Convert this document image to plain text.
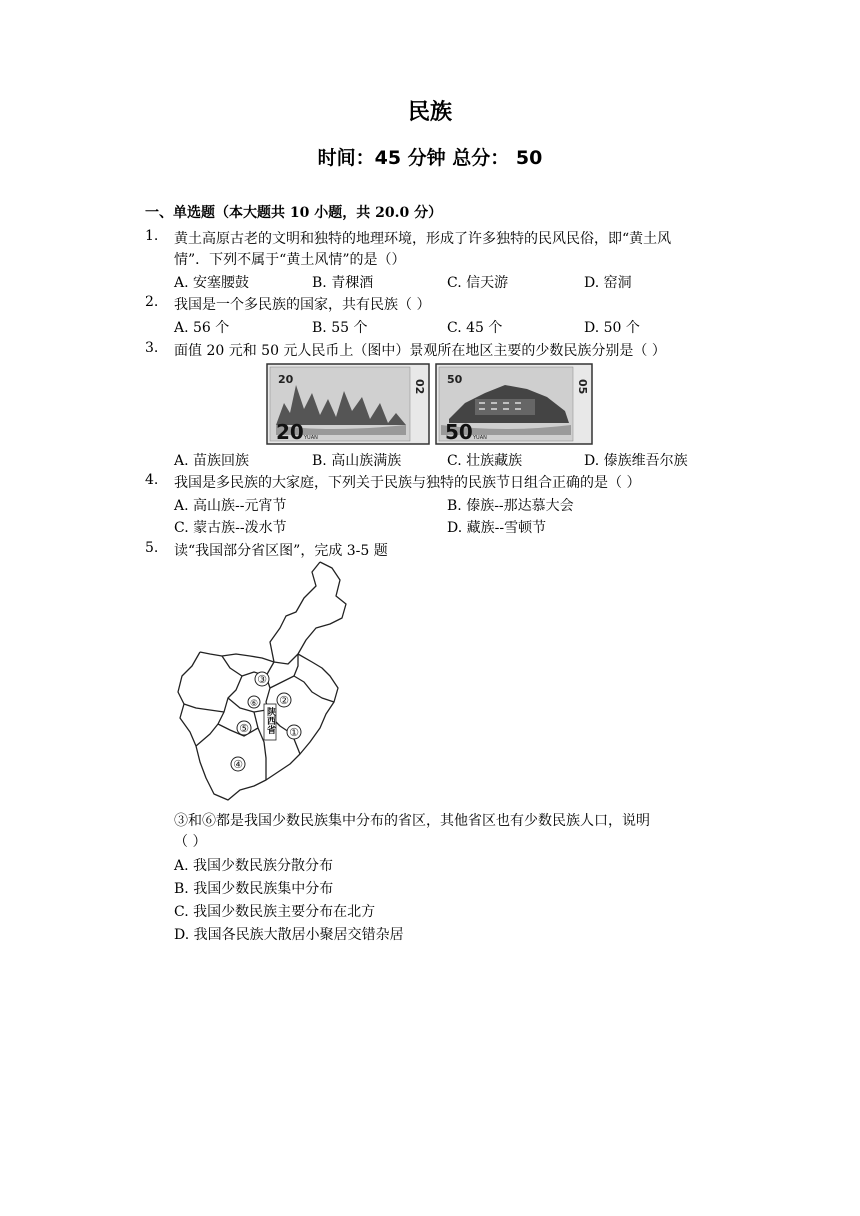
民族
时间：45 分钟 总分： 50
一、单选题（本大题共 10 小题，共 20.0 分）
1. 黄土高原古老的文明和独特的地理环境，形成了许多独特的民风民俗，即“黄土风
情”．下列不属于“黄土风情”的是（）
A. 安塞腰鼓	B. 青稞酒	C. 信天游	D. 窑洞
2. 我国是一个多民族的国家，共有民族（ ）
A. 56 个	B. 55 个	C. 45 个	D. 50 个
3. 面值 20 元和 50 元人民币上（图中）景观所在地区主要的少数民族分别是（ ）
20
20 YUAN
02 50
50 YUAN
05
A. 苗族回族	B. 高山族满族	C. 壮族藏族	D. 傣族维吾尔族
4. 我国是多民族的大家庭，下列关于民族与独特的民族节日组合正确的是（ ）
A. 高山族--元宵节	B. 傣族--那达慕大会
C. 蒙古族--泼水节	D. 藏族--雪顿节
5. 读“我国部分省区图”，完成 3-5 题
③
②
⑤	①
④
⑥
陕西省
③和⑥都是我国少数民族集中分布的省区，其他省区也有少数民族人口，说明
（ ）
A. 我国少数民族分散分布
B. 我国少数民族集中分布
C. 我国少数民族主要分布在北方
D. 我国各民族大散居小聚居交错杂居
